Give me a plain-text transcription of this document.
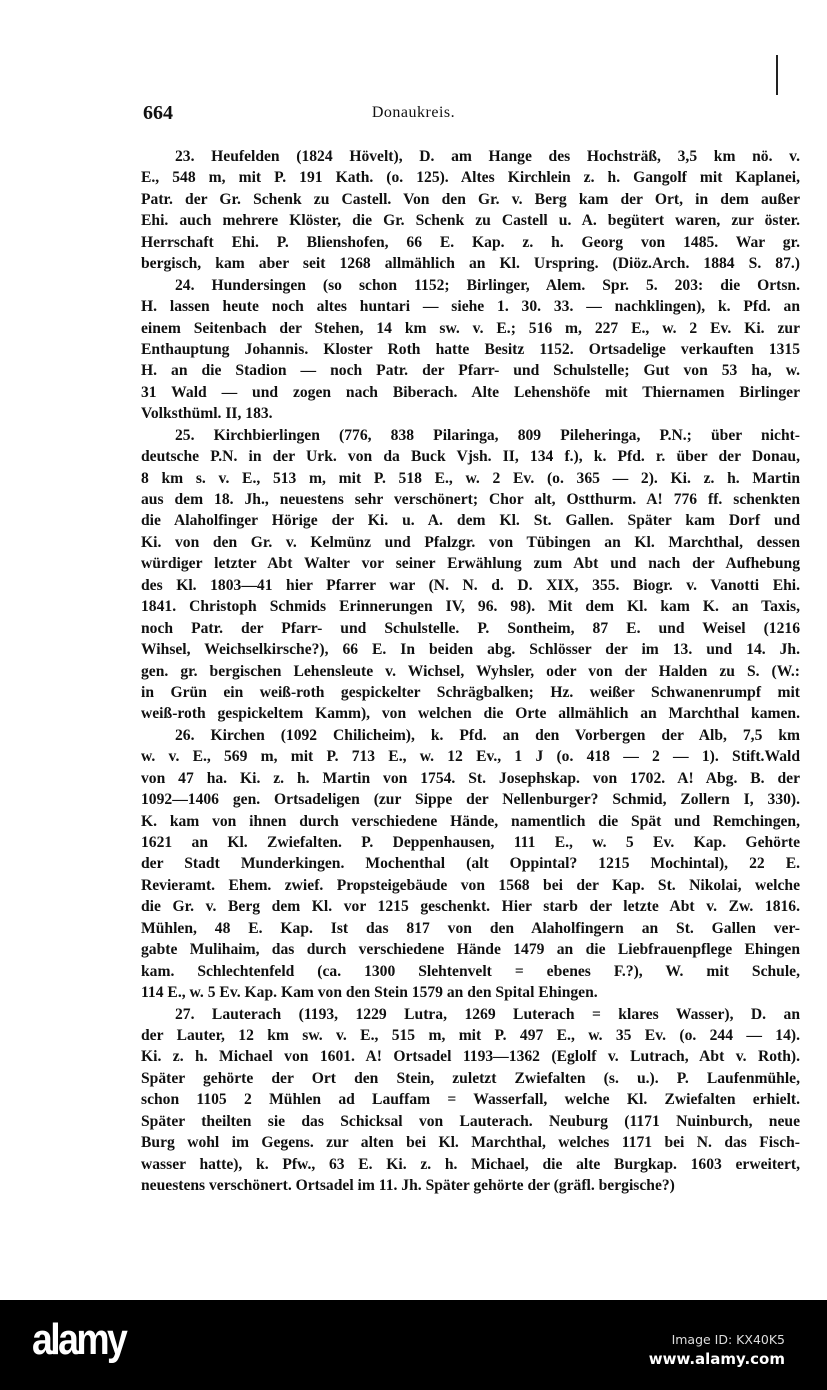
664	Donaukreis.
23. Heufelden (1824 Hövelt), D. am Hange des Hochsträß, 3,5 km nö. v.
E., 548 m, mit P. 191 Kath. (o. 125). Altes Kirchlein z. h. Gangolf mit Kaplanei,
Patr. der Gr. Schenk zu Castell. Von den Gr. v. Berg kam der Ort, in dem außer
Ehi. auch mehrere Klöster, die Gr. Schenk zu Castell u. A. begütert waren, zur öster.
Herrschaft Ehi. P. Blienshofen, 66 E. Kap. z. h. Georg von 1485. War gr.
bergisch, kam aber seit 1268 allmählich an Kl. Urspring. (Diöz.Arch. 1884 S. 87.)
24. Hundersingen (so schon 1152; Birlinger, Alem. Spr. 5. 203: die Ortsn.
H. lassen heute noch altes huntari — siehe 1. 30. 33. — nachklingen), k. Pfd. an
einem Seitenbach der Stehen, 14 km sw. v. E.; 516 m, 227 E., w. 2 Ev. Ki. zur
Enthauptung Johannis. Kloster Roth hatte Besitz 1152. Ortsadelige verkauften 1315
H. an die Stadion — noch Patr. der Pfarr- und Schulstelle; Gut von 53 ha, w.
31 Wald — und zogen nach Biberach. Alte Lehenshöfe mit Thiernamen Birlinger
Volksthüml. II, 183.
25. Kirchbierlingen (776, 838 Pilaringa, 809 Pileheringa, P.N.; über nicht-
deutsche P.N. in der Urk. von da Buck Vjsh. II, 134 f.), k. Pfd. r. über der Donau,
8 km s. v. E., 513 m, mit P. 518 E., w. 2 Ev. (o. 365 — 2). Ki. z. h. Martin
aus dem 18. Jh., neuestens sehr verschönert; Chor alt, Ostthurm. A! 776 ff. schenkten
die Alaholfinger Hörige der Ki. u. A. dem Kl. St. Gallen. Später kam Dorf und
Ki. von den Gr. v. Kelmünz und Pfalzgr. von Tübingen an Kl. Marchthal, dessen
würdiger letzter Abt Walter vor seiner Erwählung zum Abt und nach der Aufhebung
des Kl. 1803—41 hier Pfarrer war (N. N. d. D. XIX, 355. Biogr. v. Vanotti Ehi.
1841. Christoph Schmids Erinnerungen IV, 96. 98). Mit dem Kl. kam K. an Taxis,
noch Patr. der Pfarr- und Schulstelle. P. Sontheim, 87 E. und Weisel (1216
Wihsel, Weichselkirsche?), 66 E. In beiden abg. Schlösser der im 13. und 14. Jh.
gen. gr. bergischen Lehensleute v. Wichsel, Wyhsler, oder von der Halden zu S. (W.:
in Grün ein weiß-roth gespickelter Schrägbalken; Hz. weißer Schwanenrumpf mit
weiß-roth gespickeltem Kamm), von welchen die Orte allmählich an Marchthal kamen.
26. Kirchen (1092 Chilicheim), k. Pfd. an den Vorbergen der Alb, 7,5 km
w. v. E., 569 m, mit P. 713 E., w. 12 Ev., 1 J (o. 418 — 2 — 1). Stift.Wald
von 47 ha. Ki. z. h. Martin von 1754. St. Josephskap. von 1702. A! Abg. B. der
1092—1406 gen. Ortsadeligen (zur Sippe der Nellenburger? Schmid, Zollern I, 330).
K. kam von ihnen durch verschiedene Hände, namentlich die Spät und Remchingen,
1621 an Kl. Zwiefalten. P. Deppenhausen, 111 E., w. 5 Ev. Kap. Gehörte
der Stadt Munderkingen. Mochenthal (alt Oppintal? 1215 Mochintal), 22 E.
Revieramt. Ehem. zwief. Propsteigebäude von 1568 bei der Kap. St. Nikolai, welche
die Gr. v. Berg dem Kl. vor 1215 geschenkt. Hier starb der letzte Abt v. Zw. 1816.
Mühlen, 48 E. Kap. Ist das 817 von den Alaholfingern an St. Gallen ver-
gabte Mulihaim, das durch verschiedene Hände 1479 an die Liebfrauenpflege Ehingen
kam. Schlechtenfeld (ca. 1300 Slehtenvelt = ebenes F.?), W. mit Schule,
114 E., w. 5 Ev. Kap. Kam von den Stein 1579 an den Spital Ehingen.
27. Lauterach (1193, 1229 Lutra, 1269 Luterach = klares Wasser), D. an
der Lauter, 12 km sw. v. E., 515 m, mit P. 497 E., w. 35 Ev. (o. 244 — 14).
Ki. z. h. Michael von 1601. A! Ortsadel 1193—1362 (Eglolf v. Lutrach, Abt v. Roth).
Später gehörte der Ort den Stein, zuletzt Zwiefalten (s. u.). P. Laufenmühle,
schon 1105 2 Mühlen ad Lauffam = Wasserfall, welche Kl. Zwiefalten erhielt.
Später theilten sie das Schicksal von Lauterach. Neuburg (1171 Nuinburch, neue
Burg wohl im Gegens. zur alten bei Kl. Marchthal, welches 1171 bei N. das Fisch-
wasser hatte), k. Pfw., 63 E. Ki. z. h. Michael, die alte Burgkap. 1603 erweitert,
neuestens verschönert. Ortsadel im 11. Jh. Später gehörte der (gräfl. bergische?)
alamy	Image ID: KX40K5
www.alamy.com
